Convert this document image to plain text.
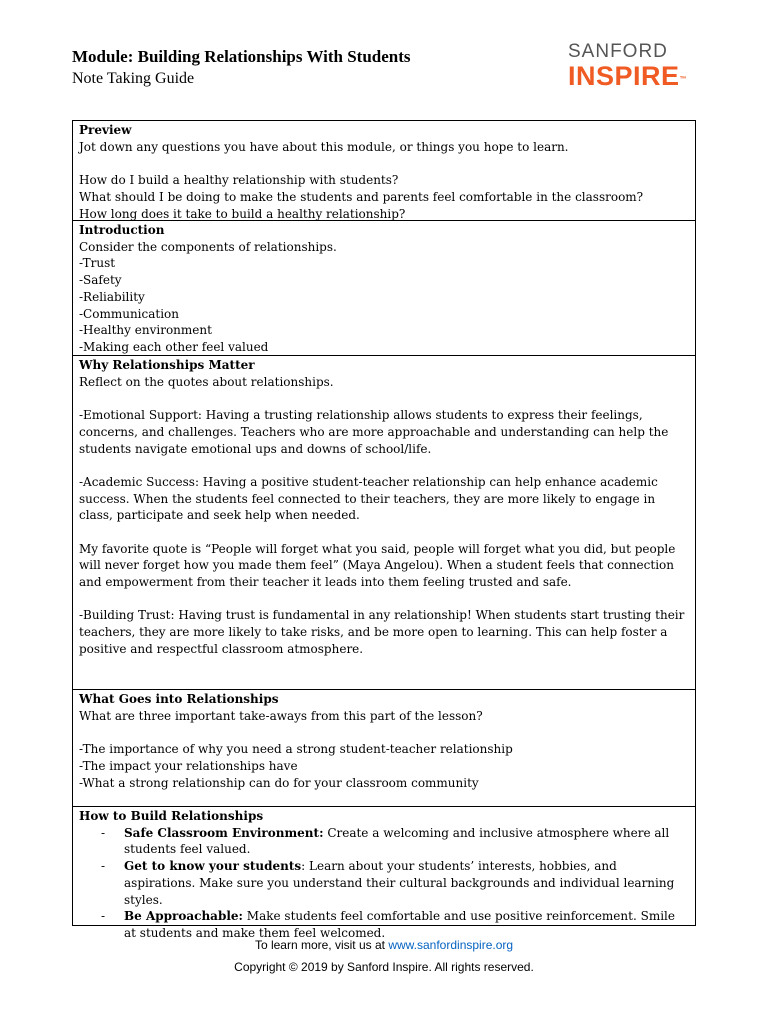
Module: Building Relationships With Students
Note Taking Guide
SANFORD
INSPIRE™
Preview
Jot down any questions you have about this module, or things you hope to learn.
How do I build a healthy relationship with students?
What should I be doing to make the students and parents feel comfortable in the classroom?
How long does it take to build a healthy relationship?
Introduction
Consider the components of relationships.
-Trust
-Safety
-Reliability
-Communication
-Healthy environment
-Making each other feel valued
Why Relationships Matter
Reflect on the quotes about relationships.
-Emotional Support: Having a trusting relationship allows students to express their feelings, concerns, and challenges. Teachers who are more approachable and understanding can help the students navigate emotional ups and downs of school/life.
-Academic Success: Having a positive student-teacher relationship can help enhance academic success. When the students feel connected to their teachers, they are more likely to engage in class, participate and seek help when needed.
My favorite quote is “People will forget what you said, people will forget what you did, but people will never forget how you made them feel” (Maya Angelou). When a student feels that connection and empowerment from their teacher it leads into them feeling trusted and safe.
-Building Trust: Having trust is fundamental in any relationship! When students start trusting their teachers, they are more likely to take risks, and be more open to learning. This can help foster a positive and respectful classroom atmosphere.
What Goes into Relationships
What are three important take-aways from this part of the lesson?
-The importance of why you need a strong student-teacher relationship
-The impact your relationships have
-What a strong relationship can do for your classroom community
How to Build Relationships
- Safe Classroom Environment: Create a welcoming and inclusive atmosphere where all students feel valued.
- Get to know your students: Learn about your students’ interests, hobbies, and aspirations. Make sure you understand their cultural backgrounds and individual learning styles.
- Be Approachable: Make students feel comfortable and use positive reinforcement. Smile at students and make them feel welcomed.
To learn more, visit us at www.sanfordinspire.org
Copyright © 2019 by Sanford Inspire. All rights reserved.
